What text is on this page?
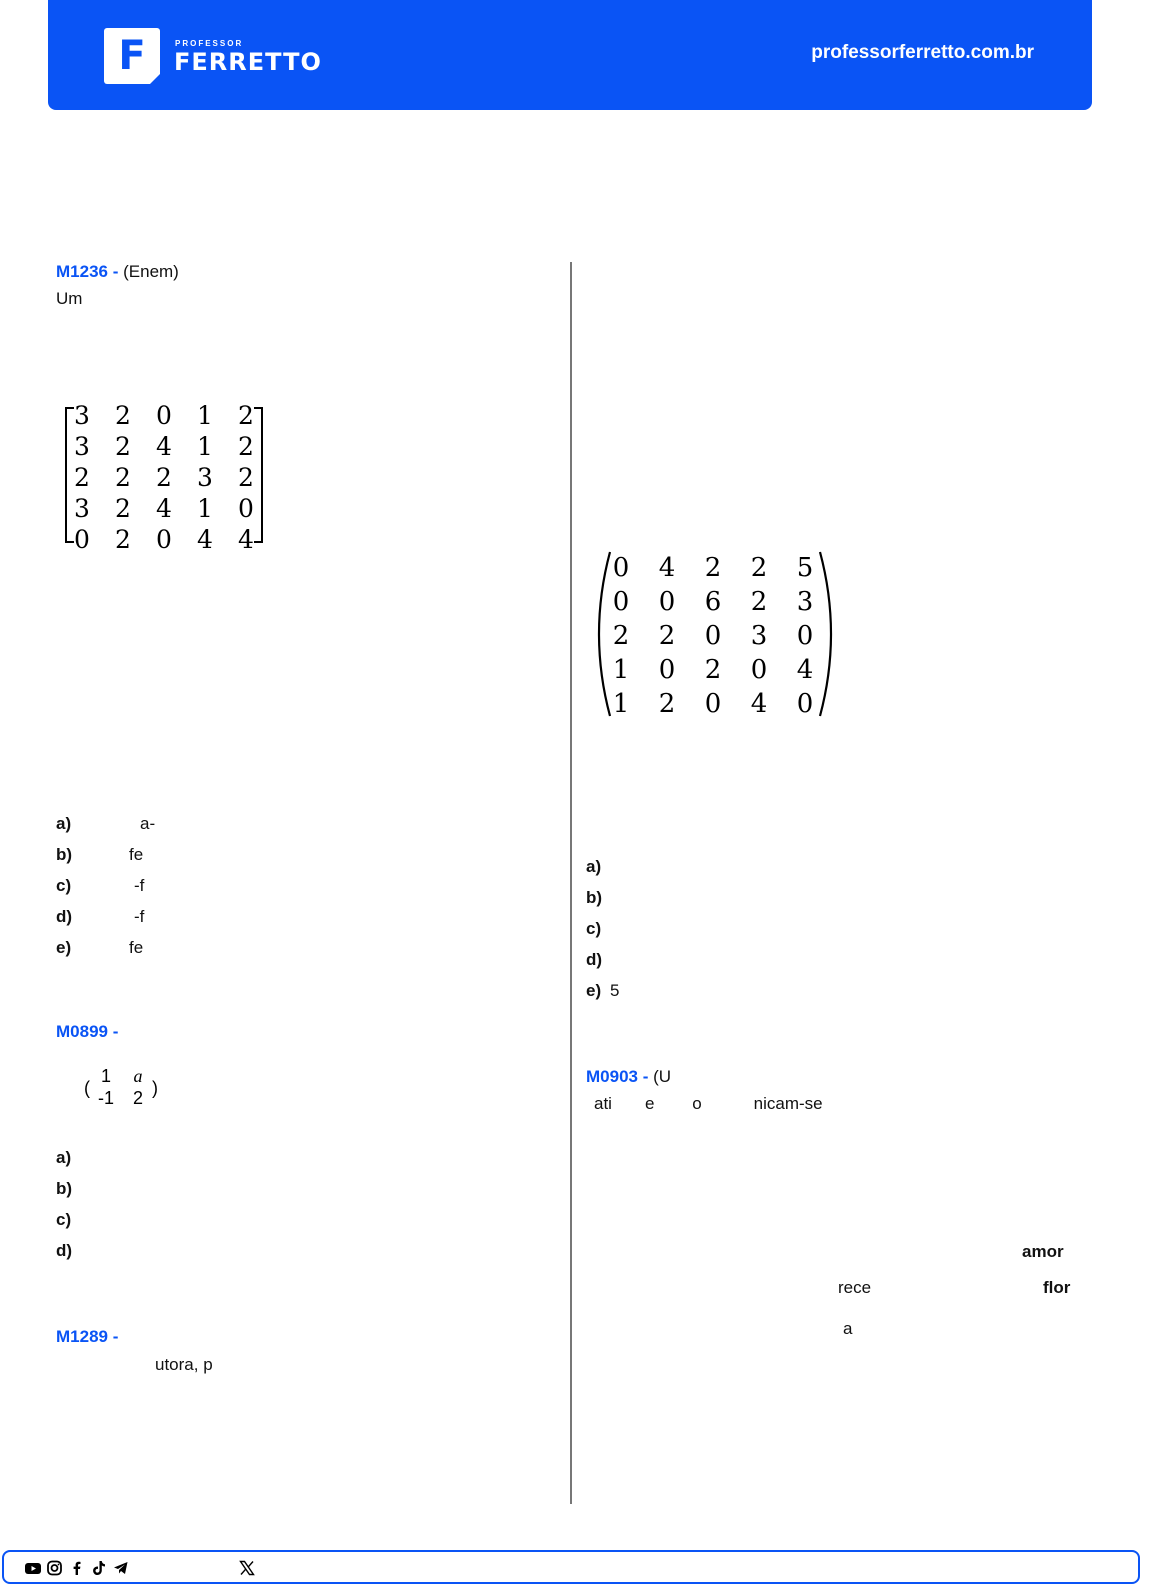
F	PROFESSOR
FERRETTO	professorferretto.com.br
M1236 - (Enem)
Um
3 2 0 1 2
3 2 4 1 2
2 2 2 3 2
3 2 4 1 0
0 2 0 4 4
a)	a-
b)	fe
c)	-f
d)	-f
e)	fe
M0899 -
(	)
1 a
-1 2
a)
b)
c)
d)
M1289 -
utora, p
0 4 2 2 5
0 0 6 2 3
2 2 0 3 0
1 0 2 0 4
1 2 0 4 0
a)
b)
c)
d)
e) 5
M0903 - (U
ati       e        o           nicam-se
amor
rece	flor
a
